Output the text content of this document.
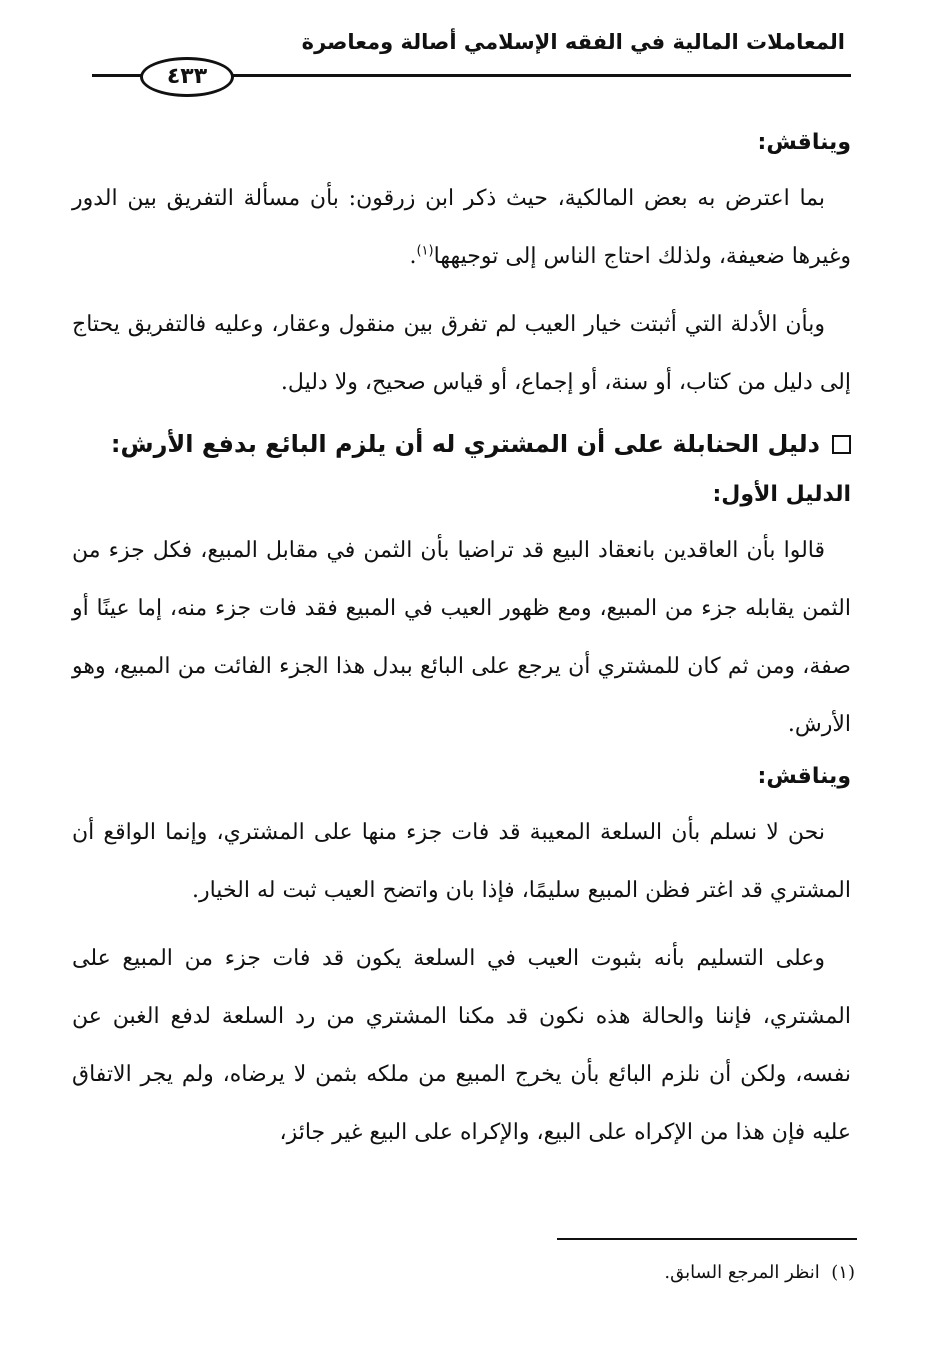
المعاملات المالية في الفقه الإسلامي أصالة ومعاصرة
٤٣٣

ويناقش:

بما اعترض به بعض المالكية، حيث ذكر ابن زرقون: بأن مسألة التفريق بين الدور وغيرها ضعيفة، ولذلك احتاج الناس إلى توجيهها$^{(١)}$.

وبأن الأدلة التي أثبتت خيار العيب لم تفرق بين منقول وعقار، وعليه فالتفريق يحتاج إلى دليل من كتاب، أو سنة، أو إجماع، أو قياس صحيح، ولا دليل.

دليل الحنابلة على أن المشتري له أن يلزم البائع بدفع الأرش:

الدليل الأول:

قالوا بأن العاقدين بانعقاد البيع قد تراضيا بأن الثمن في مقابل المبيع، فكل جزء من الثمن يقابله جزء من المبيع، ومع ظهور العيب في المبيع فقد فات جزء منه، إما عينًا أو صفة، ومن ثم كان للمشتري أن يرجع على البائع ببدل هذا الجزء الفائت من المبيع، وهو الأرش.

ويناقش:

نحن لا نسلم بأن السلعة المعيبة قد فات جزء منها على المشتري، وإنما الواقع أن المشتري قد اغتر فظن المبيع سليمًا، فإذا بان واتضح العيب ثبت له الخيار.

وعلى التسليم بأنه بثبوت العيب في السلعة يكون قد فات جزء من المبيع على المشتري، فإننا والحالة هذه نكون قد مكنا المشتري من رد السلعة لدفع الغبن عن نفسه، ولكن أن نلزم البائع بأن يخرج المبيع من ملكه بثمن لا يرضاه، ولم يجر الاتفاق عليه فإن هذا من الإكراه على البيع، والإكراه على البيع غير جائز،

(١)  انظر المرجع السابق.
